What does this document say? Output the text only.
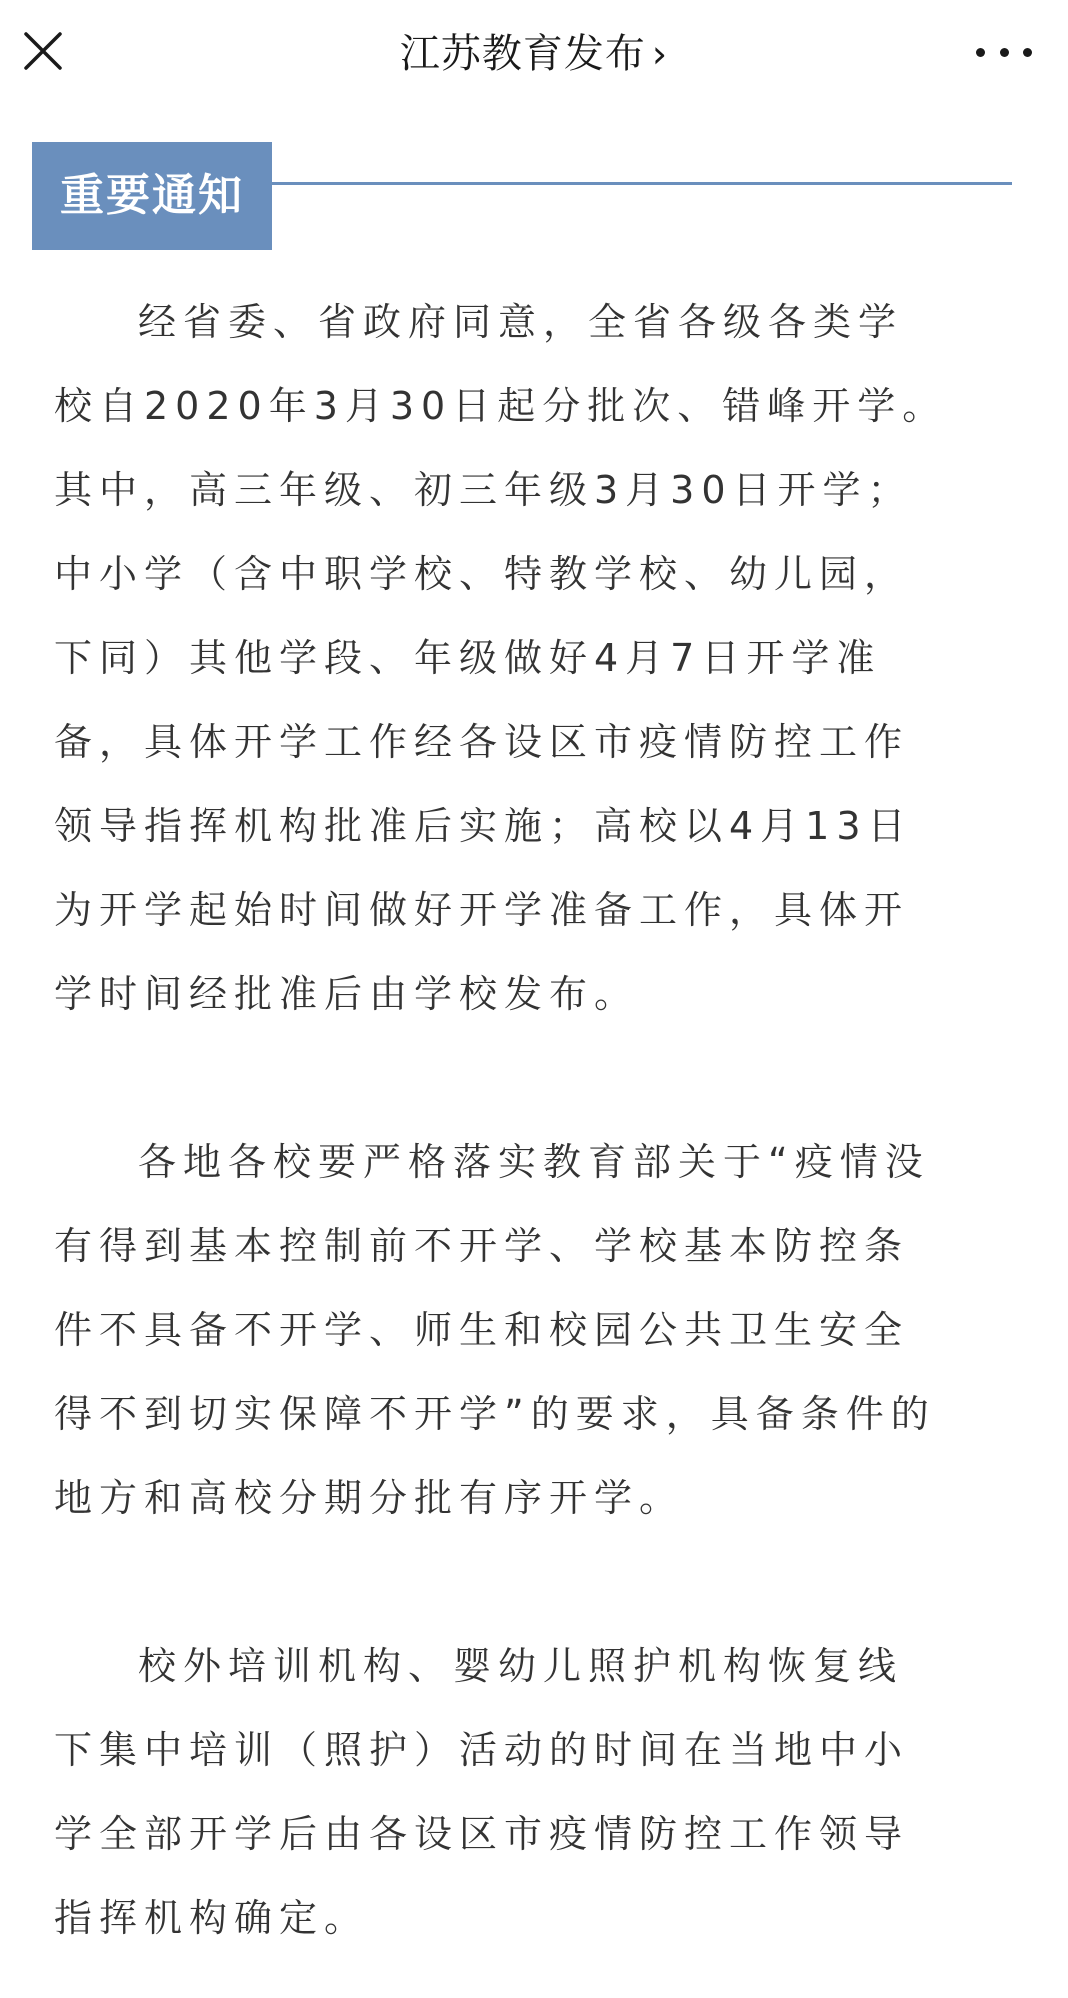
江苏教育发布 ›
重要通知

经省委、省政府同意，全省各级各类学
校自2020年3月30日起分批次、错峰开学。
其中，高三年级、初三年级3月30日开学；
中小学（含中职学校、特教学校、幼儿园，
下同）其他学段、年级做好4月7日开学准
备，具体开学工作经各设区市疫情防控工作
领导指挥机构批准后实施；高校以4月13日
为开学起始时间做好开学准备工作，具体开
学时间经批准后由学校发布。

各地各校要严格落实教育部关于“疫情没
有得到基本控制前不开学、学校基本防控条
件不具备不开学、师生和校园公共卫生安全
得不到切实保障不开学”的要求，具备条件的
地方和高校分期分批有序开学。

校外培训机构、婴幼儿照护机构恢复线
下集中培训（照护）活动的时间在当地中小
学全部开学后由各设区市疫情防控工作领导
指挥机构确定。
